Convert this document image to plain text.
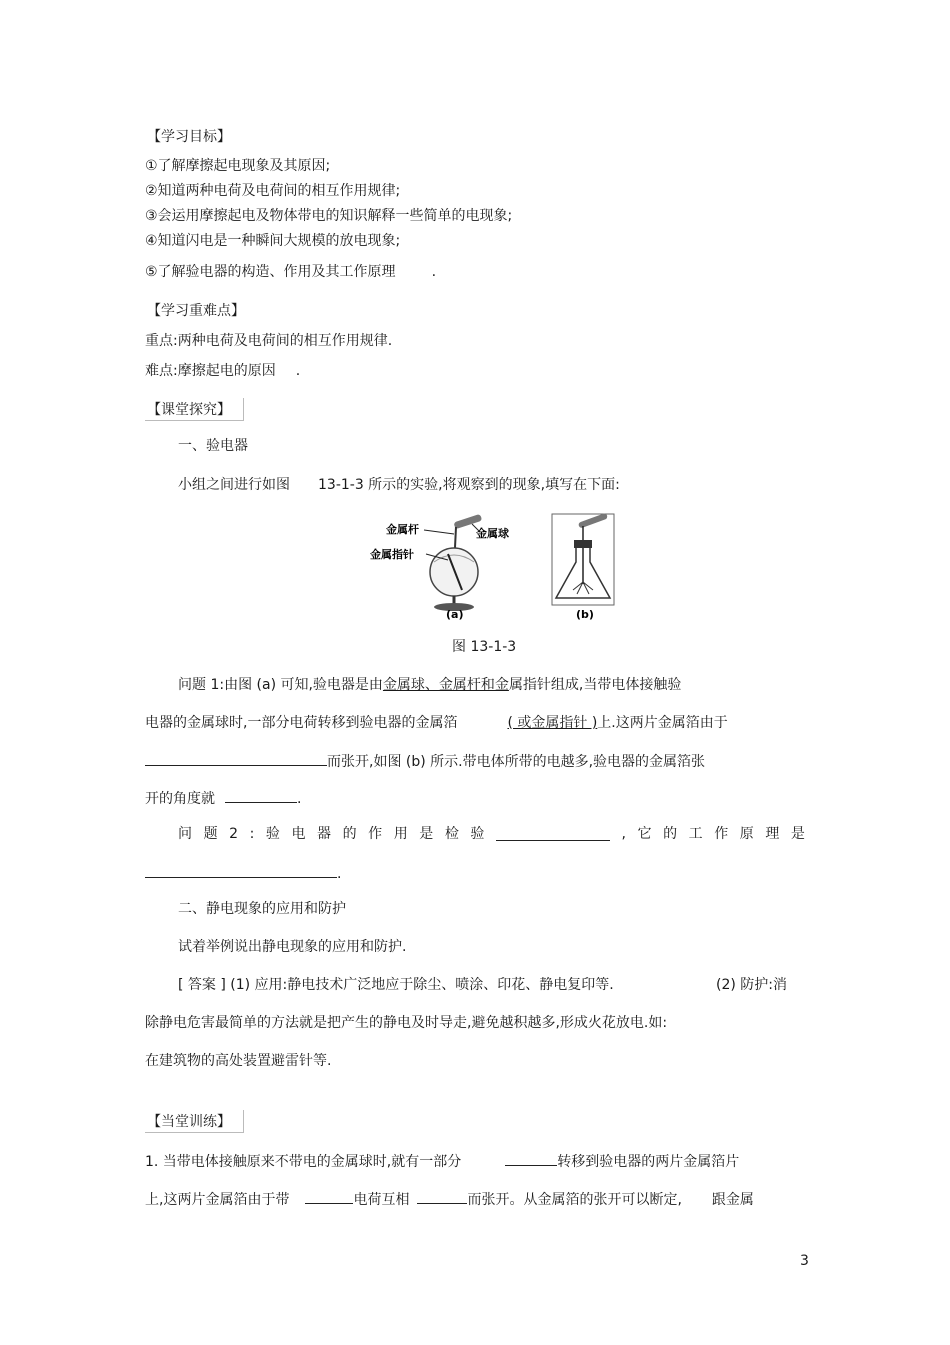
【学习目标】
①了解摩擦起电现象及其原因;
②知道两种电荷及电荷间的相互作用规律;
③会运用摩擦起电及物体带电的知识解释一些简单的电现象;
④知道闪电是一种瞬间大规模的放电现象;
⑤了解验电器的构造、作用及其工作原理	.
【学习重难点】
重点:两种电荷及电荷间的相互作用规律.
难点:摩擦起电的原因 .
【课堂探究】
一、验电器
小组之间进行如图 13-1-3 所示的实验,将观察到的现象,填写在下面:
金属杆	金属球
金属指针
(a)	(b)
图 13-1-3
问题 1:由图 (a) 可知,验电器是由金属球、金属杆和金属指针组成,当带电体接触验
电器的金属球时,一部分电荷转移到验电器的金属箔	( 或金属指针 )上.这两片金属箔由于
而张开,如图 (b) 所示.带电体所带的电越多,验电器的金属箔张
开的角度就	.
问 题 2 : 验 电 器 的 作 用 是 检 验	, 它 的 工 作 原 理 是
.
二、静电现象的应用和防护
试着举例说出静电现象的应用和防护.
[ 答案 ] (1) 应用:静电技术广泛地应于除尘、喷涂、印花、静电复印等.	(2) 防护:消
除静电危害最简单的方法就是把产生的静电及时导走,避免越积越多,形成火花放电.如:
在建筑物的高处装置避雷针等.
【当堂训练】
1. 当带电体接触原来不带电的金属球时,就有一部分	转移到验电器的两片金属箔片
上,这两片金属箔由于带	电荷互相	而张开。从金属箔的张开可以断定, 跟金属
3
